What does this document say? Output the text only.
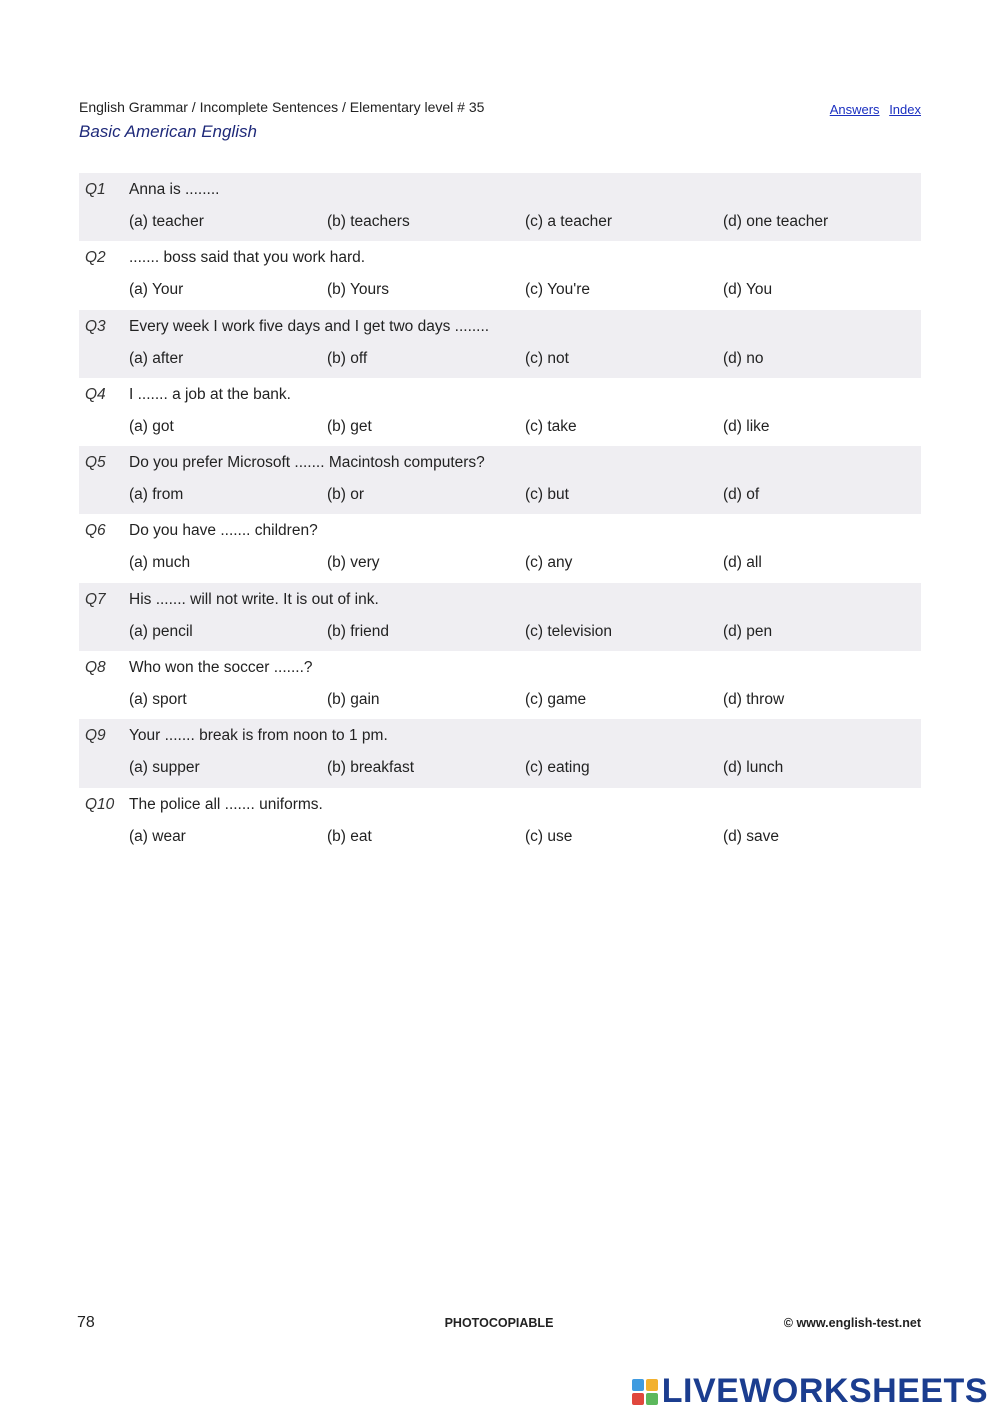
English Grammar / Incomplete Sentences / Elementary level # 35
Basic American English
Answers Index
Q1	Anna is ........
(a) teacher	(b) teachers	(c) a teacher	(d) one teacher
Q2	....... boss said that you work hard.
(a) Your	(b) Yours	(c) You're	(d) You
Q3	Every week I work five days and I get two days ........
(a) after	(b) off	(c) not	(d) no
Q4	I ....... a job at the bank.
(a) got	(b) get	(c) take	(d) like
Q5	Do you prefer Microsoft ....... Macintosh computers?
(a) from	(b) or	(c) but	(d) of
Q6	Do you have ....... children?
(a) much	(b) very	(c) any	(d) all
Q7	His ....... will not write. It is out of ink.
(a) pencil	(b) friend	(c) television	(d) pen
Q8	Who won the soccer .......?
(a) sport	(b) gain	(c) game	(d) throw
Q9	Your ....... break is from noon to 1 pm.
(a) supper	(b) breakfast	(c) eating	(d) lunch
Q10 The police all ....... uniforms.
(a) wear	(b) eat	(c) use	(d) save
78	PHOTOCOPIABLE	© www.english-test.net
LIVEWORKSHEETS
